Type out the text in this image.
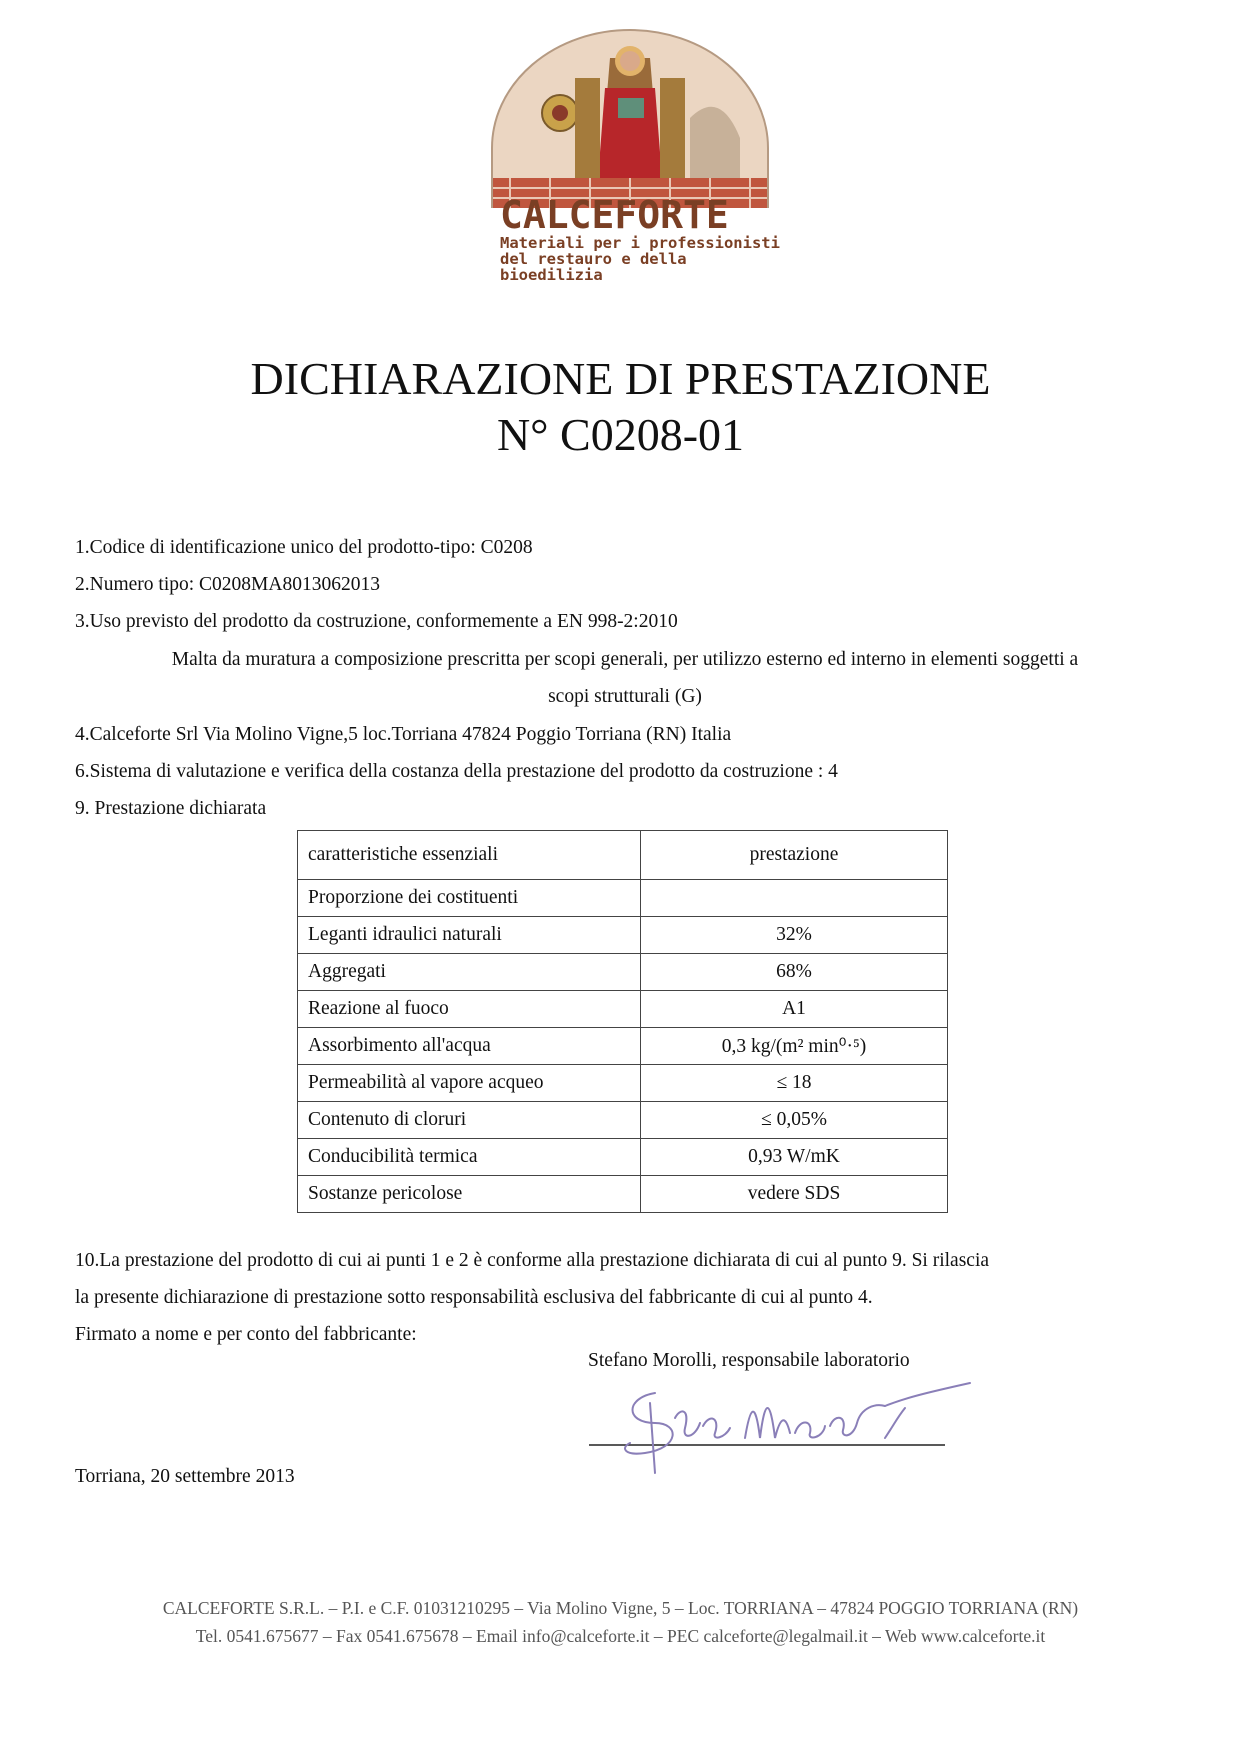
CALCEFORTE
Materiali per i professionisti
del restauro e della bioedilizia
DICHIARAZIONE DI PRESTAZIONE
N° C0208-01
1.Codice di identificazione unico del prodotto-tipo: C0208
2.Numero tipo: C0208MA8013062013
3.Uso previsto del prodotto da costruzione, conformemente a EN 998-2:2010
Malta da muratura a composizione prescritta per scopi generali, per utilizzo esterno ed interno in elementi soggetti a
scopi strutturali (G)
4.Calceforte Srl Via Molino Vigne,5 loc.Torriana 47824 Poggio Torriana (RN) Italia
6.Sistema di valutazione e verifica della costanza della prestazione del prodotto da costruzione : 4
9. Prestazione dichiarata
caratteristiche essenziali	prestazione
Proporzione dei costituenti	
Leganti idraulici naturali	32%
Aggregati	68%
Reazione al fuoco	A1
Assorbimento all'acqua	0,3 kg/(m² min⁰·⁵)
Permeabilità al vapore acqueo	≤ 18
Contenuto di cloruri	≤ 0,05%
Conducibilità termica	0,93 W/mK
Sostanze pericolose	vedere SDS
10.La prestazione del prodotto di cui ai punti 1 e 2 è conforme alla prestazione dichiarata di cui al punto 9. Si rilascia
la presente dichiarazione di prestazione sotto responsabilità esclusiva del fabbricante di cui al punto 4.
Firmato a nome e per conto del fabbricante:
Stefano Morolli, responsabile laboratorio
Torriana, 20 settembre 2013
CALCEFORTE S.R.L. – P.I. e C.F. 01031210295 – Via Molino Vigne, 5 – Loc. TORRIANA – 47824 POGGIO TORRIANA (RN)
Tel. 0541.675677 – Fax 0541.675678 – Email info@calceforte.it – PEC calceforte@legalmail.it – Web www.calceforte.it
